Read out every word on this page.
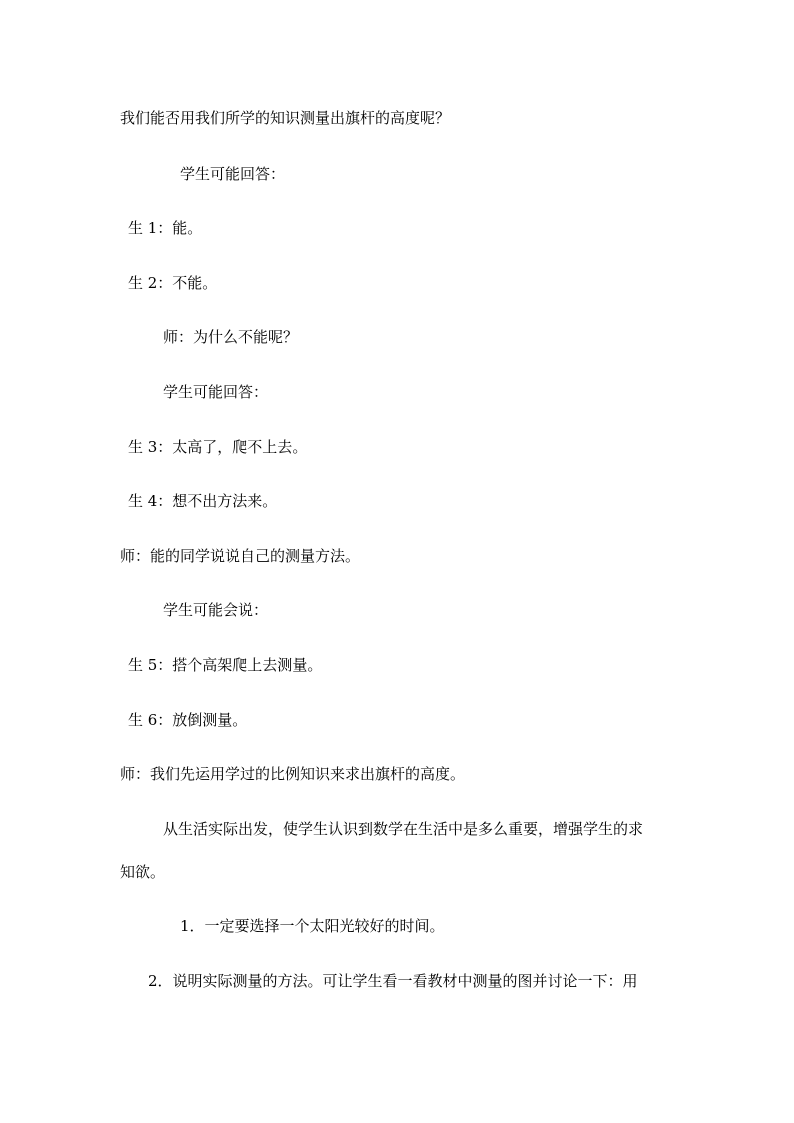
我们能否用我们所学的知识测量出旗杆的高度呢？
学生可能回答：
生 1：能。
生 2：不能。
师：为什么不能呢？
学生可能回答：
生 3：太高了，爬不上去。
生 4：想不出方法来。
师：能的同学说说自己的测量方法。
学生可能会说：
生 5：搭个高架爬上去测量。
生 6：放倒测量。
师：我们先运用学过的比例知识来求出旗杆的高度。
从生活实际出发，使学生认识到数学在生活中是多么重要，增强学生的求
知欲。
1．一定要选择一个太阳光较好的时间。
2．说明实际测量的方法。可让学生看一看教材中测量的图并讨论一下：用
